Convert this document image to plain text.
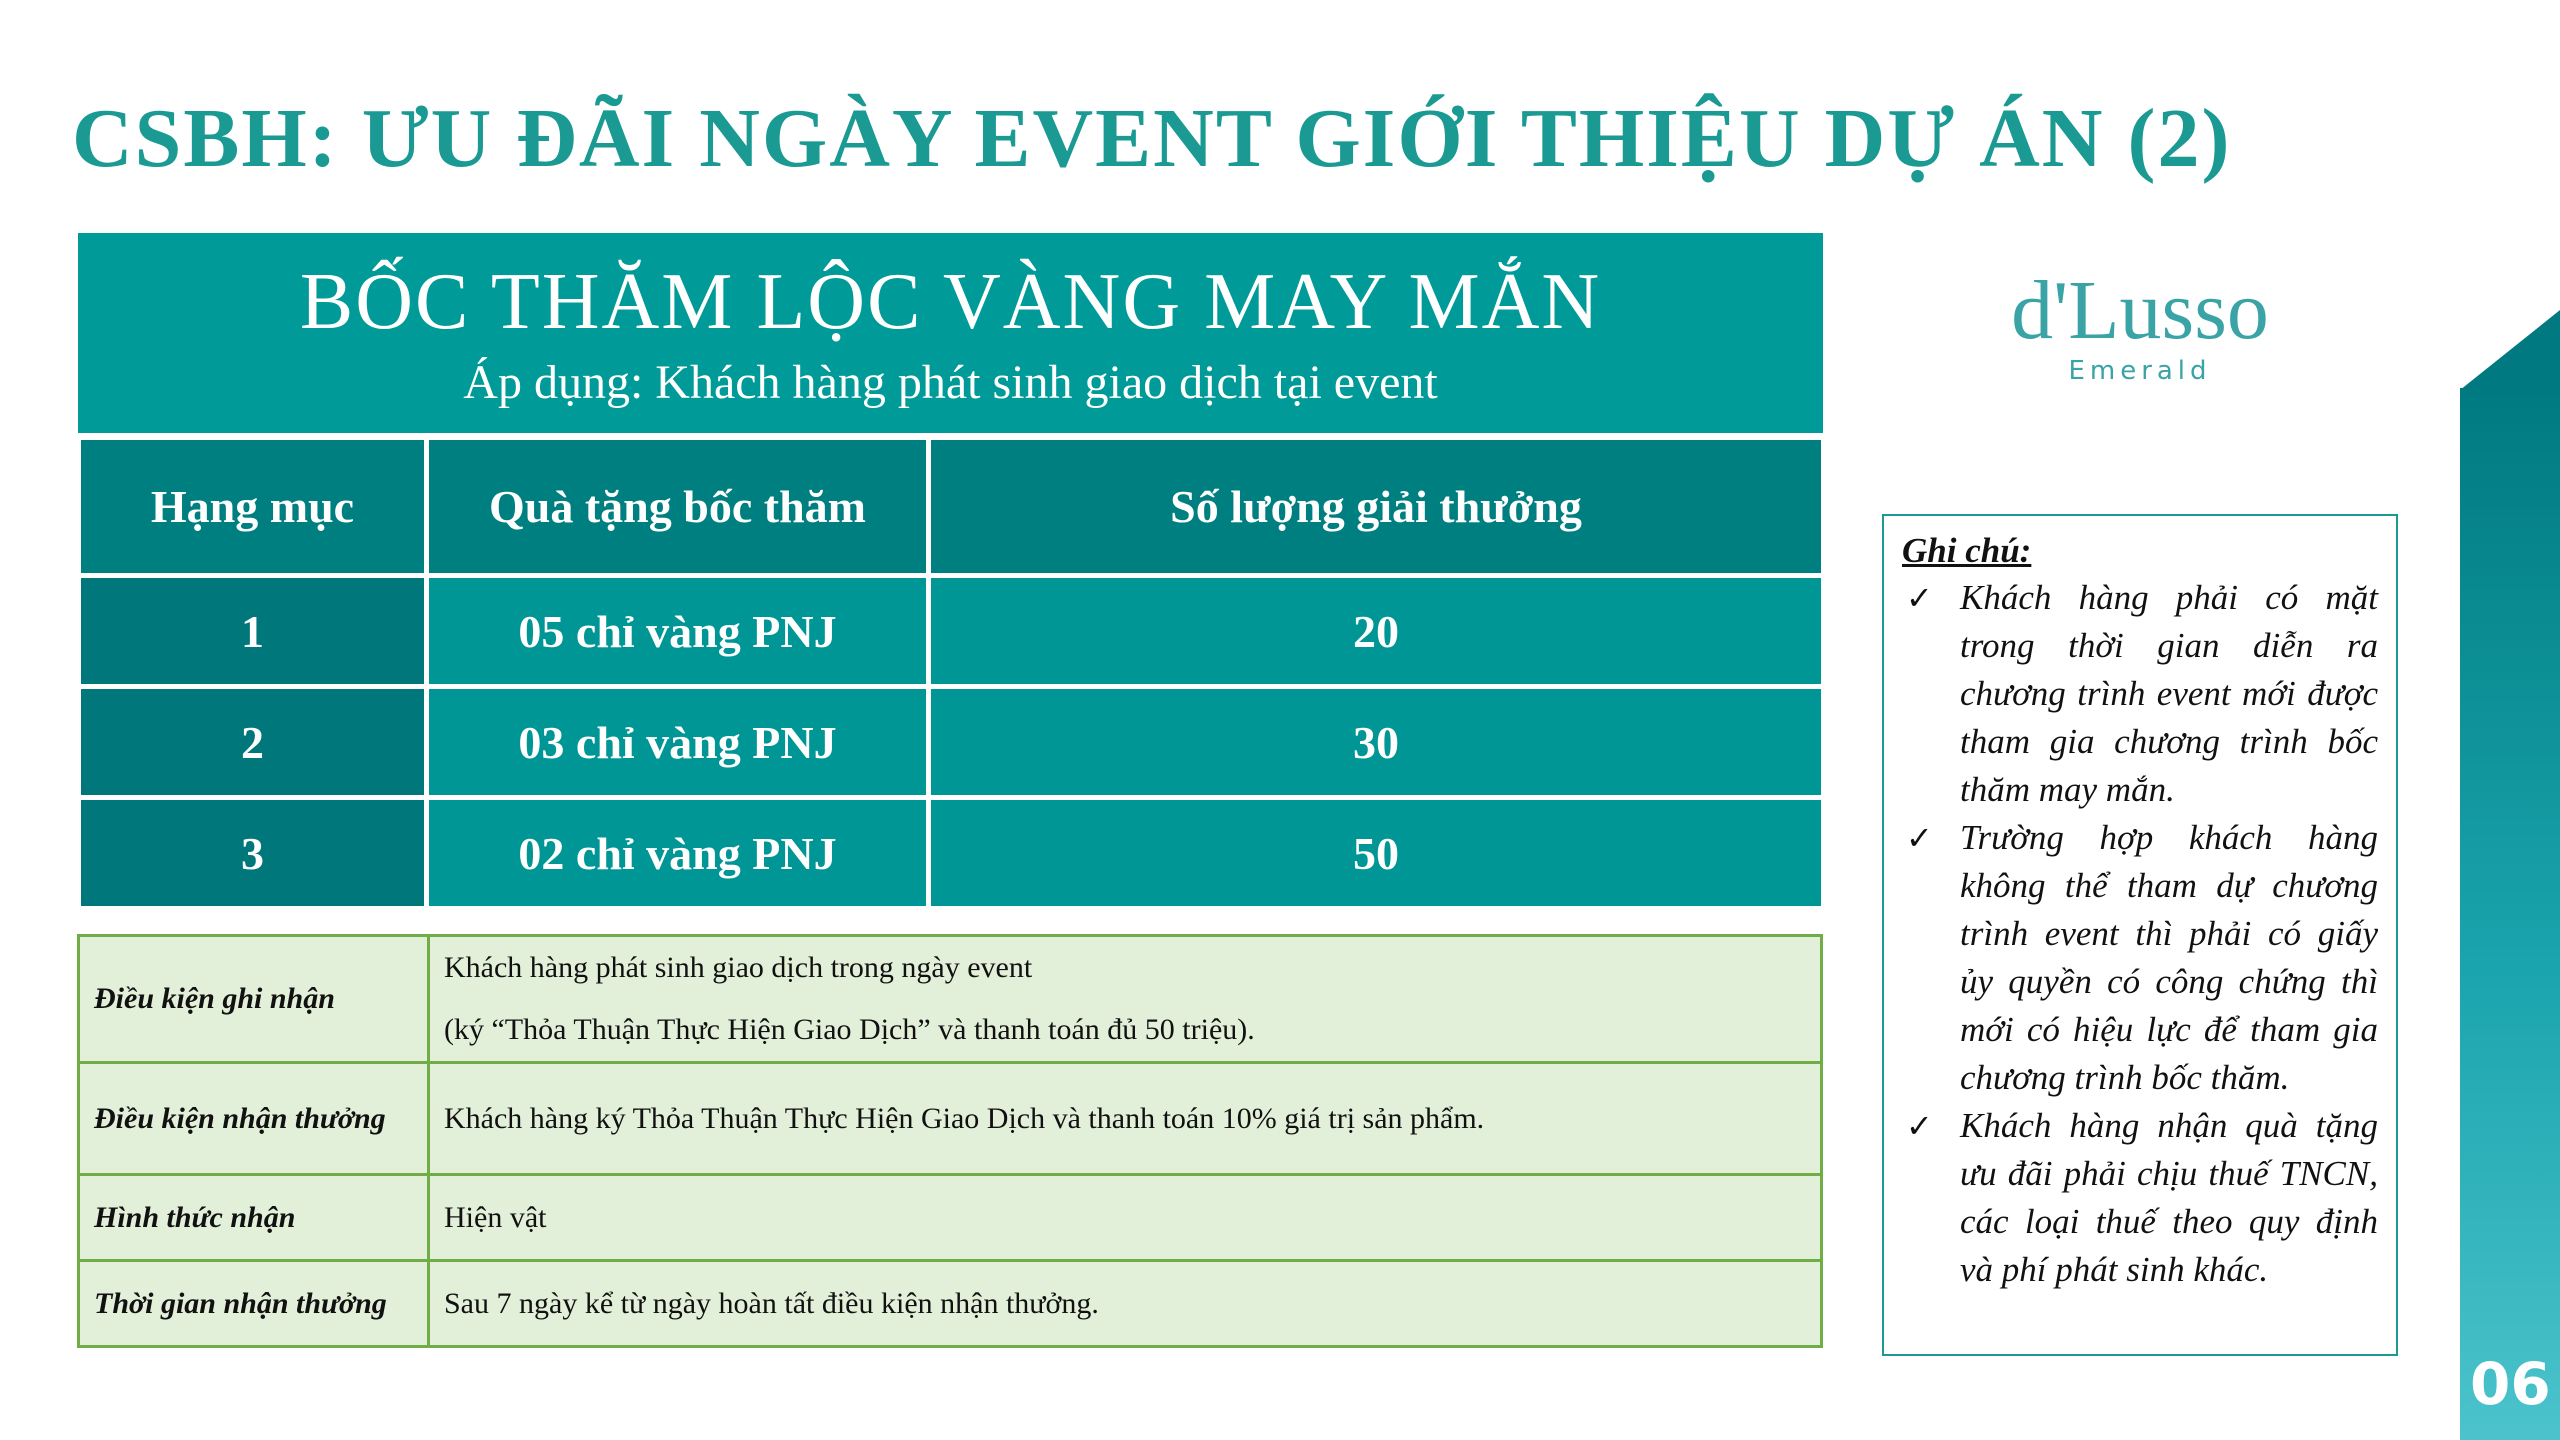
CSBH: ƯU ĐÃI NGÀY EVENT GIỚI THIỆU DỰ ÁN (2)
BỐC THĂM LỘC VÀNG MAY MẮN
Áp dụng: Khách hàng phát sinh giao dịch tại event
Hạng mục	Quà tặng bốc thăm	Số lượng giải thưởng
1	05 chỉ vàng PNJ	20
2	03 chỉ vàng PNJ	30
3	02 chỉ vàng PNJ	50
Điều kiện ghi nhận	Khách hàng phát sinh giao dịch trong ngày event
(ký “Thỏa Thuận Thực Hiện Giao Dịch” và thanh toán đủ 50 triệu).

Điều kiện nhận thưởng	Khách hàng ký Thỏa Thuận Thực Hiện Giao Dịch và thanh toán 10% giá trị sản phẩm.
Hình thức nhận	Hiện vật
Thời gian nhận thưởng	Sau 7 ngày kể từ ngày hoàn tất điều kiện nhận thưởng.
d'Lusso
Emerald
Ghi chú:
✓ Khách hàng phải có mặt trong thời gian diễn ra chương trình event mới được tham gia chương trình bốc thăm may mắn.
✓ Trường hợp khách hàng không thể tham dự chương trình event thì phải có giấy ủy quyền có công chứng thì mới có hiệu lực để tham gia chương trình bốc thăm.
✓ Khách hàng nhận quà tặng ưu đãi phải chịu thuế TNCN, các loại thuế theo quy định và phí phát sinh khác.
06
